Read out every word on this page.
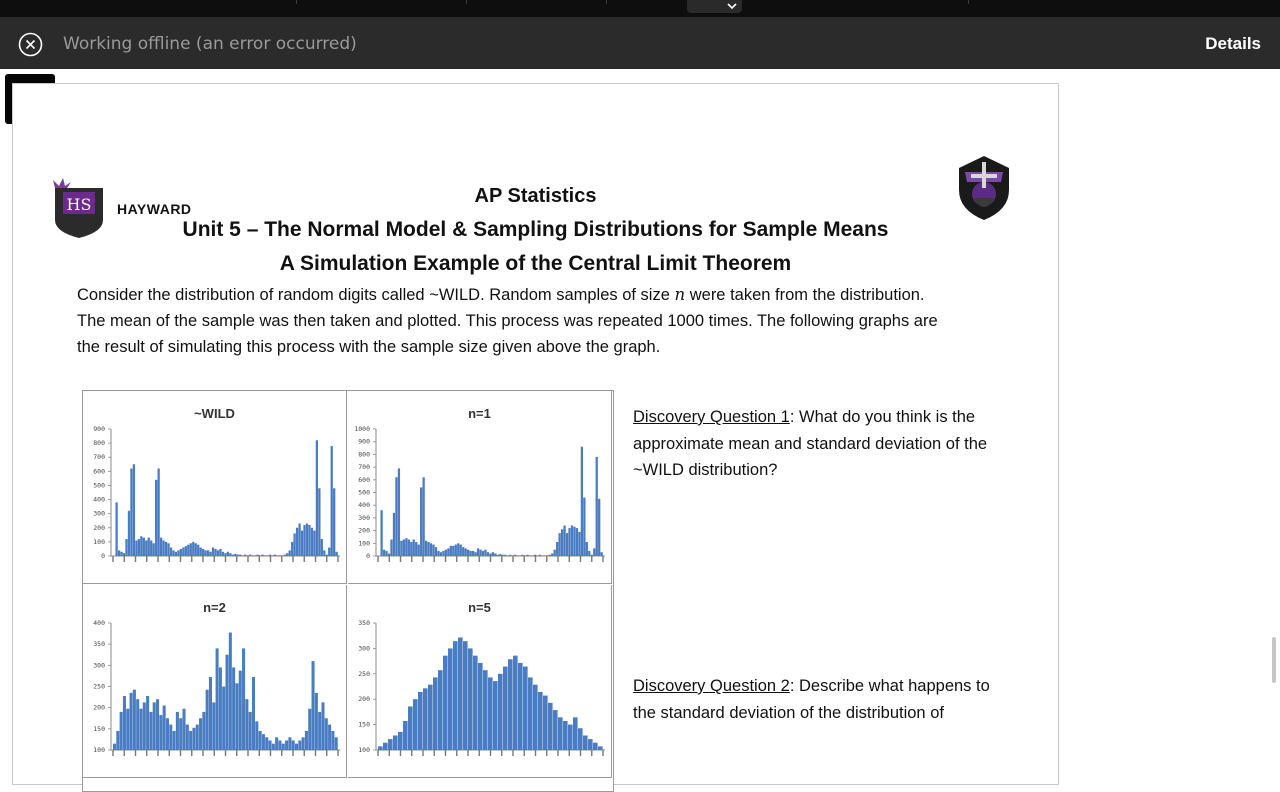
Working offline (an error occurred)	Details
HS HAYWARD
AP Statistics
Unit 5 – The Normal Model & Sampling Distributions for Sample Means
A Simulation Example of the Central Limit Theorem

Consider the distribution of random digits called ~WILD. Random samples of size n were taken from the distribution.

The mean of the sample was then taken and plotted. This process was repeated 1000 times. The following graphs are

the result of simulating this process with the sample size given above the graph.

~WILD
900
800
700
600
500
400
300
200
100
0
n=1
1000
900
800
700
600
500
400
300
200
100
0
n=2
400
350
300
250
200
150
100
n=5
350
300
250
200
150
100
Discovery Question 1: What do you think is the approximate mean and standard deviation of the ~WILD distribution?
Discovery Question 2: Describe what happens to the standard deviation of the distribution of
